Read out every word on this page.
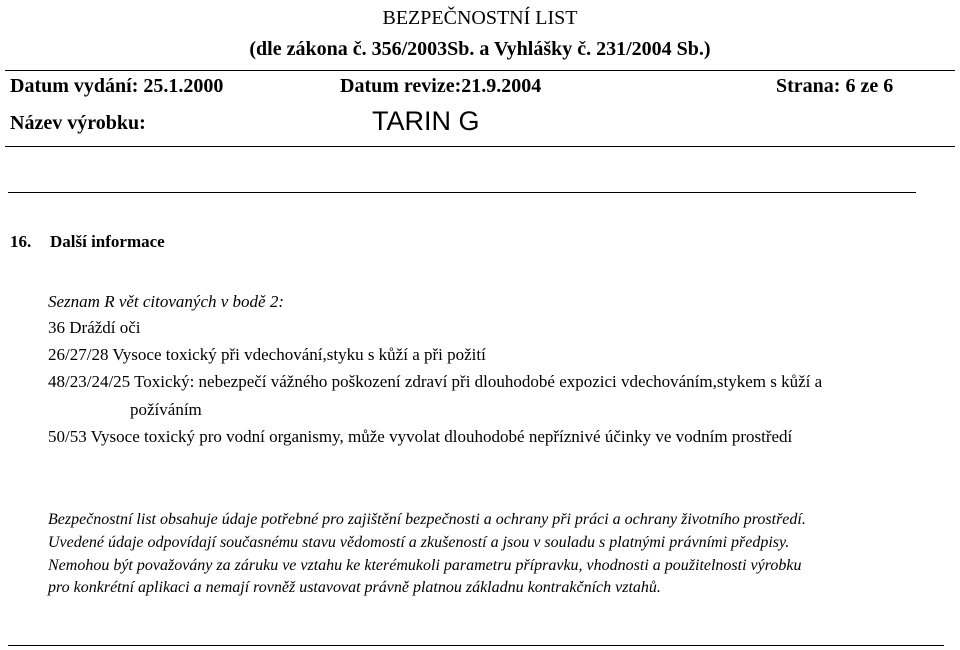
BEZPEČNOSTNÍ LIST
(dle zákona č. 356/2003Sb. a Vyhlášky č. 231/2004 Sb.)
Datum vydání: 25.1.2000	Datum revize:21.9.2004	Strana: 6 ze 6
Název výrobku:	TARIN G
16. Další informace
Seznam R vět citovaných v bodě 2:
36 Dráždí oči
26/27/28 Vysoce toxický při vdechování,styku s kůží a při požití
48/23/24/25 Toxický: nebezpečí vážného poškození zdraví při dlouhodobé expozici vdechováním,stykem s kůží a
požíváním
50/53 Vysoce toxický pro vodní organismy, může vyvolat dlouhodobé nepříznivé účinky ve vodním prostředí
Bezpečnostní list obsahuje údaje potřebné pro zajištění bezpečnosti a ochrany při práci a ochrany životního prostředí.
Uvedené údaje odpovídají současnému stavu vědomostí a zkušeností a jsou v souladu s platnými právními předpisy.
Nemohou být považovány za záruku ve vztahu ke kterémukoli parametru přípravku, vhodnosti a použitelnosti výrobku
pro konkrétní aplikaci a nemají rovněž ustavovat právně platnou základnu kontrakčních vztahů.
